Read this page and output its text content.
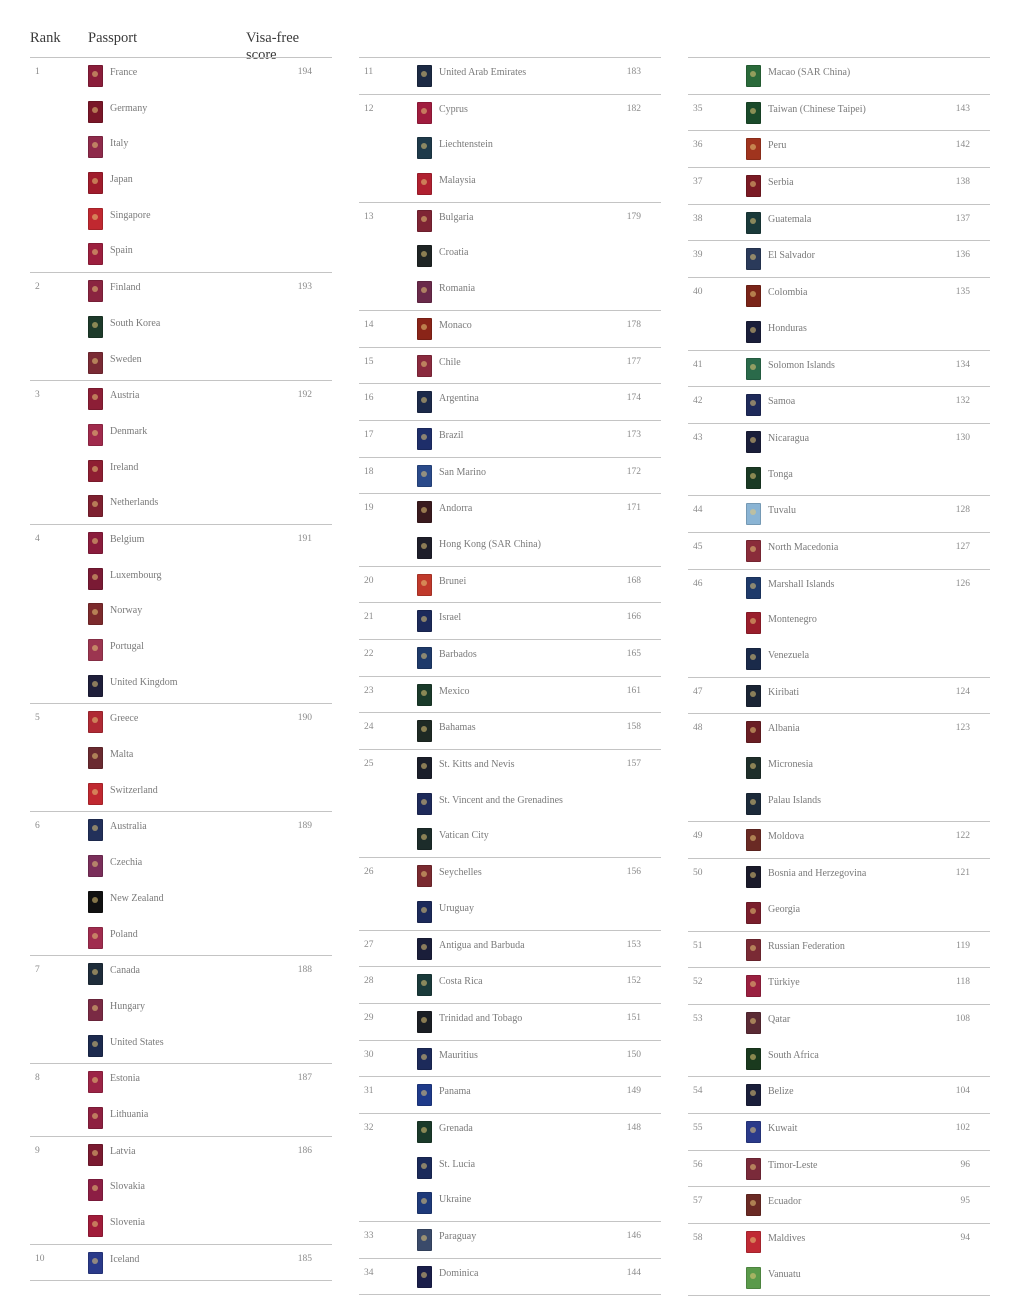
Rank Passport	Visa-free score
1	France	194
Germany
Italy
Japan
Singapore
Spain
2	Finland	193
South Korea
Sweden
3	Austria	192
Denmark
Ireland
Netherlands
4	Belgium	191
Luxembourg
Norway
Portugal
United Kingdom
5	Greece	190
Malta
Switzerland
6	Australia	189
Czechia
New Zealand
Poland
7	Canada	188
Hungary
United States
8	Estonia	187
Lithuania
9	Latvia	186
Slovakia
Slovenia
10	Iceland	185
11	United Arab Emirates	183
12	Cyprus	182
Liechtenstein
Malaysia
13	Bulgaria	179
Croatia
Romania
14	Monaco	178
15	Chile	177
16	Argentina	174
17	Brazil	173
18	San Marino	172
19	Andorra	171
Hong Kong (SAR China)
20	Brunei	168
21	Israel	166
22	Barbados	165
23	Mexico	161
24	Bahamas	158
25	St. Kitts and Nevis	157
St. Vincent and the Grenadines
Vatican City
26	Seychelles	156
Uruguay
27	Antigua and Barbuda	153
28	Costa Rica	152
29	Trinidad and Tobago	151
30	Mauritius	150
31	Panama	149
32	Grenada	148
St. Lucia
Ukraine
33	Paraguay	146
34	Dominica	144
Macao (SAR China)
35	Taiwan (Chinese Taipei)	143
36	Peru	142
37	Serbia	138
38	Guatemala	137
39	El Salvador	136
40	Colombia	135
Honduras
41	Solomon Islands	134
42	Samoa	132
43	Nicaragua	130
Tonga
44	Tuvalu	128
45	North Macedonia	127
46	Marshall Islands	126
Montenegro
Venezuela
47	Kiribati	124
48	Albania	123
Micronesia
Palau Islands
49	Moldova	122
50	Bosnia and Herzegovina	121
Georgia
51	Russian Federation	119
52	Türkiye	118
53	Qatar	108
South Africa
54	Belize	104
55	Kuwait	102
56	Timor-Leste	96
57	Ecuador	95
58	Maldives	94
Vanuatu
